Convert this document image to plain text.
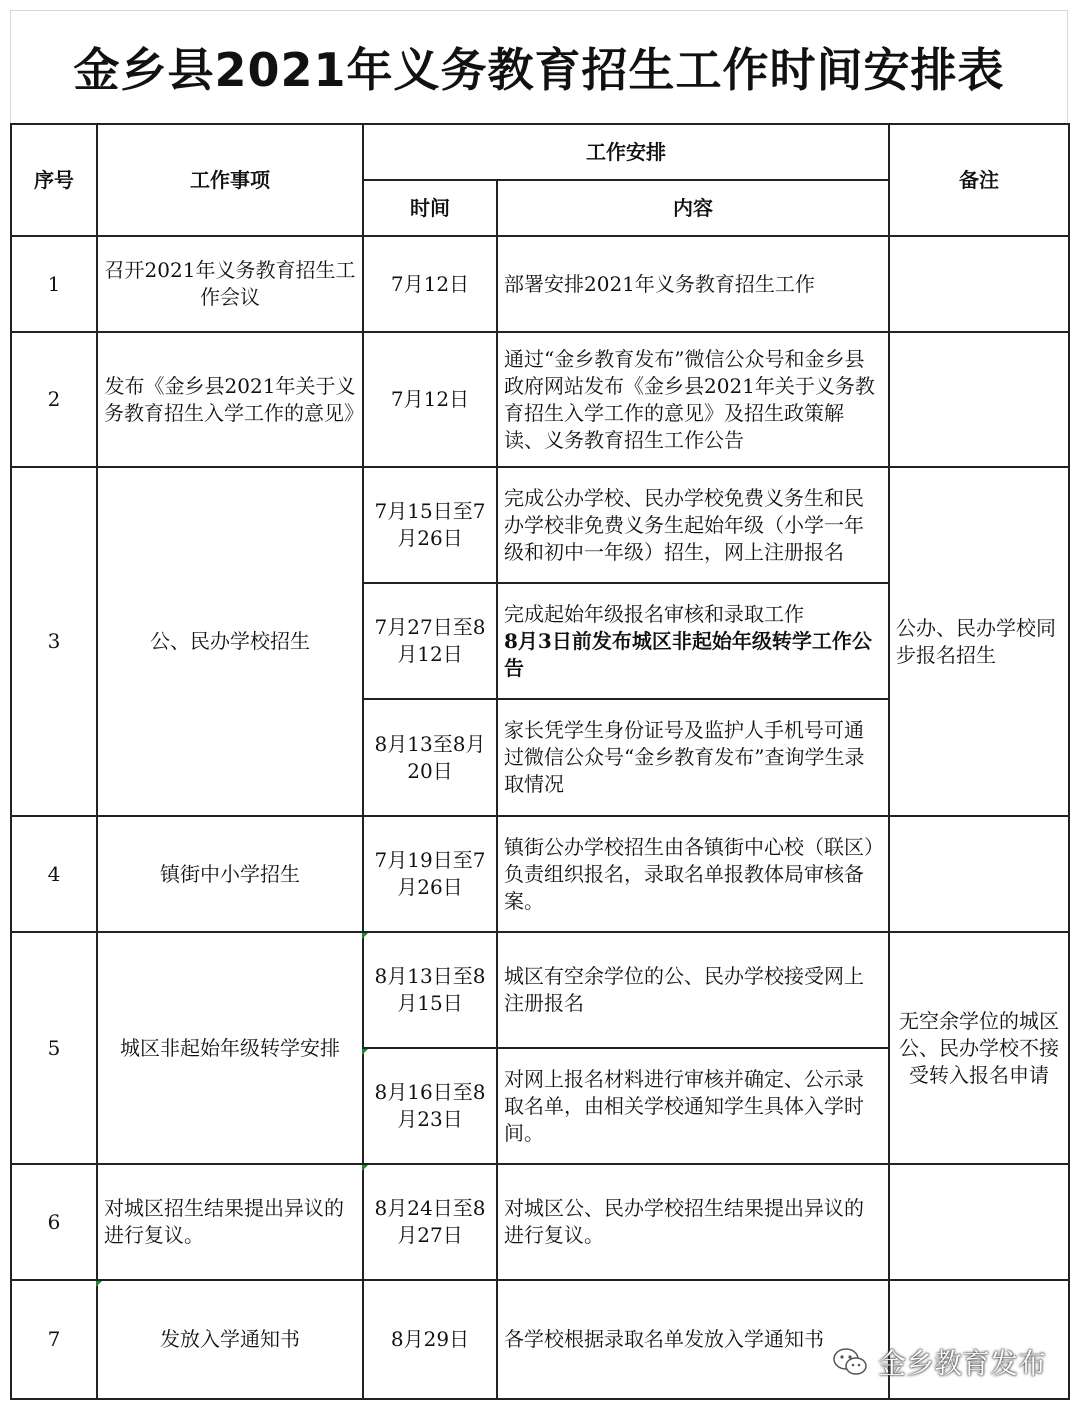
金乡县2021年义务教育招生工作时间安排表
序号	工作事项	工作安排		备注
		时间	内容	
1	召开2021年义务教育招生工作会议	7月12日	部署安排2021年义务教育招生工作	
2	发布《金乡县2021年关于义务教育招生入学工作的意见》	7月12日	通过“金乡教育发布”微信公众号和金乡县政府网站发布《金乡县2021年关于义务教育招生入学工作的意见》及招生政策解读、义务教育招生工作公告	
3	公、民办学校招生	7月15日至7月26日	完成公办学校、民办学校免费义务生和民办学校非免费义务生起始年级（小学一年级和初中一年级）招生，网上注册报名	公办、民办学校同步报名招生
		7月27日至8月12日	完成起始年级报名审核和录取工作
8月3日前发布城区非起始年级转学工作公告	

		8月13至8月20日	家长凭学生身份证号及监护人手机号可通过微信公众号“金乡教育发布”查询学生录取情况	
4	镇街中小学招生	7月19日至7月26日	镇街公办学校招生由各镇街中心校（联区）负责组织报名，录取名单报教体局审核备案。	
5	城区非起始年级转学安排	8月13日至8月15日	城区有空余学位的公、民办学校接受网上注册报名	无空余学位的城区公、民办学校不接受转入报名申请
		8月16日至8月23日	对网上报名材料进行审核并确定、公示录取名单，由相关学校通知学生具体入学时间。	
6	对城区招生结果提出异议的进行复议。	8月24日至8月27日	对城区公、民办学校招生结果提出异议的进行复议。	
7	发放入学通知书	8月29日	各学校根据录取名单发放入学通知书	
金乡教育发布
